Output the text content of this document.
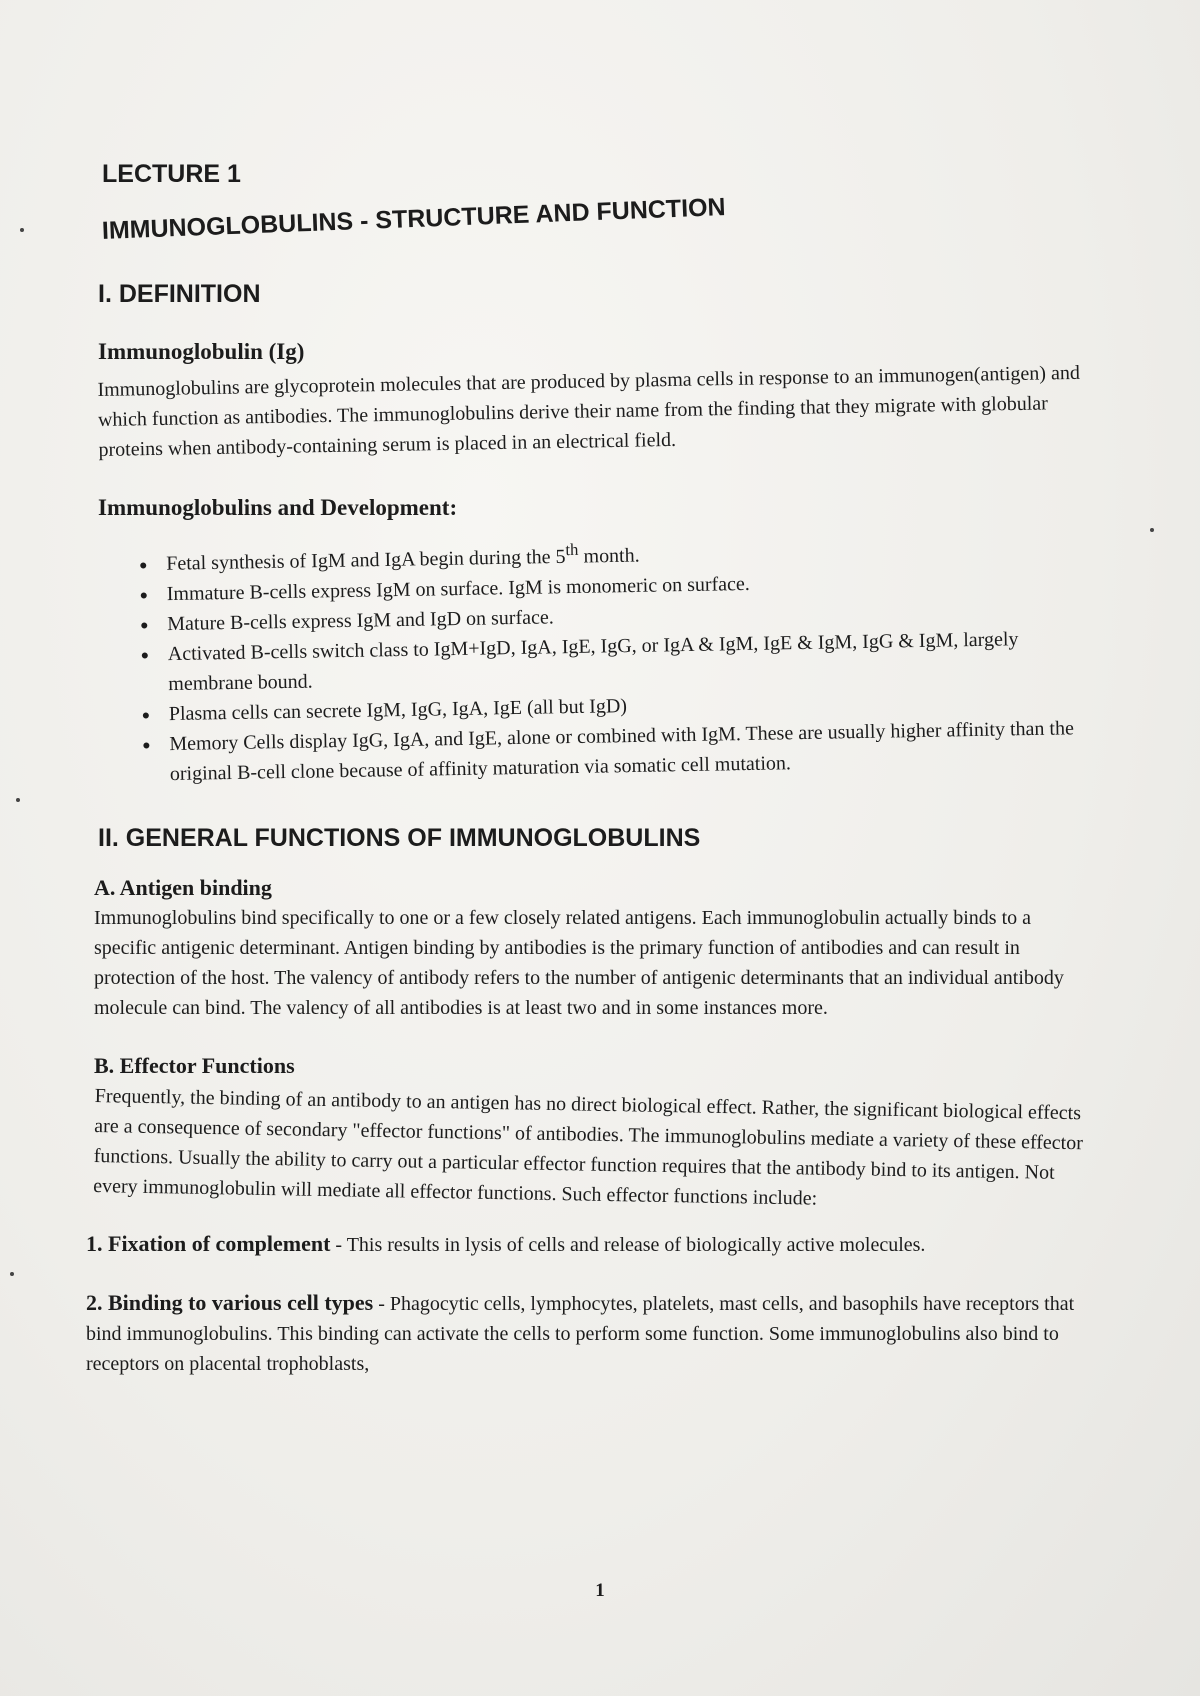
LECTURE 1
IMMUNOGLOBULINS - STRUCTURE AND FUNCTION
I. DEFINITION
Immunoglobulin (Ig)

Immunoglobulins are glycoprotein molecules that are produced by plasma cells in response to an immunogen(antigen) and which function as antibodies. The immunoglobulins derive their name from the finding that they migrate with globular proteins when antibody-containing serum is placed in an electrical field.

Immunoglobulins and Development:
• Fetal synthesis of IgM and IgA begin during the 5th month.
• Immature B-cells express IgM on surface. IgM is monomeric on surface.
• Mature B-cells express IgM and IgD on surface.
• Activated B-cells switch class to IgM+IgD, IgA, IgE, IgG, or IgA & IgM, IgE & IgM, IgG & IgM, largely membrane bound.
• Plasma cells can secrete IgM, IgG, IgA, IgE (all but IgD)
• Memory Cells display IgG, IgA, and IgE, alone or combined with IgM. These are usually higher affinity than the original B-cell clone because of affinity maturation via somatic cell mutation.
II. GENERAL FUNCTIONS OF IMMUNOGLOBULINS
A. Antigen binding
Immunoglobulins bind specifically to one or a few closely related antigens. Each immunoglobulin actually binds to a specific antigenic determinant. Antigen binding by antibodies is the primary function of antibodies and can result in protection of the host. The valency of antibody refers to the number of antigenic determinants that an individual antibody molecule can bind. The valency of all antibodies is at least two and in some instances more.
B. Effector Functions
Frequently, the binding of an antibody to an antigen has no direct biological effect. Rather, the significant biological effects are a consequence of secondary "effector functions" of antibodies. The immunoglobulins mediate a variety of these effector functions. Usually the ability to carry out a particular effector function requires that the antibody bind to its antigen. Not every immunoglobulin will mediate all effector functions. Such effector functions include:
1. Fixation of complement - This results in lysis of cells and release of biologically active molecules.
2. Binding to various cell types - Phagocytic cells, lymphocytes, platelets, mast cells, and basophils have receptors that bind immunoglobulins. This binding can activate the cells to perform some function. Some immunoglobulins also bind to receptors on placental trophoblasts,
1
